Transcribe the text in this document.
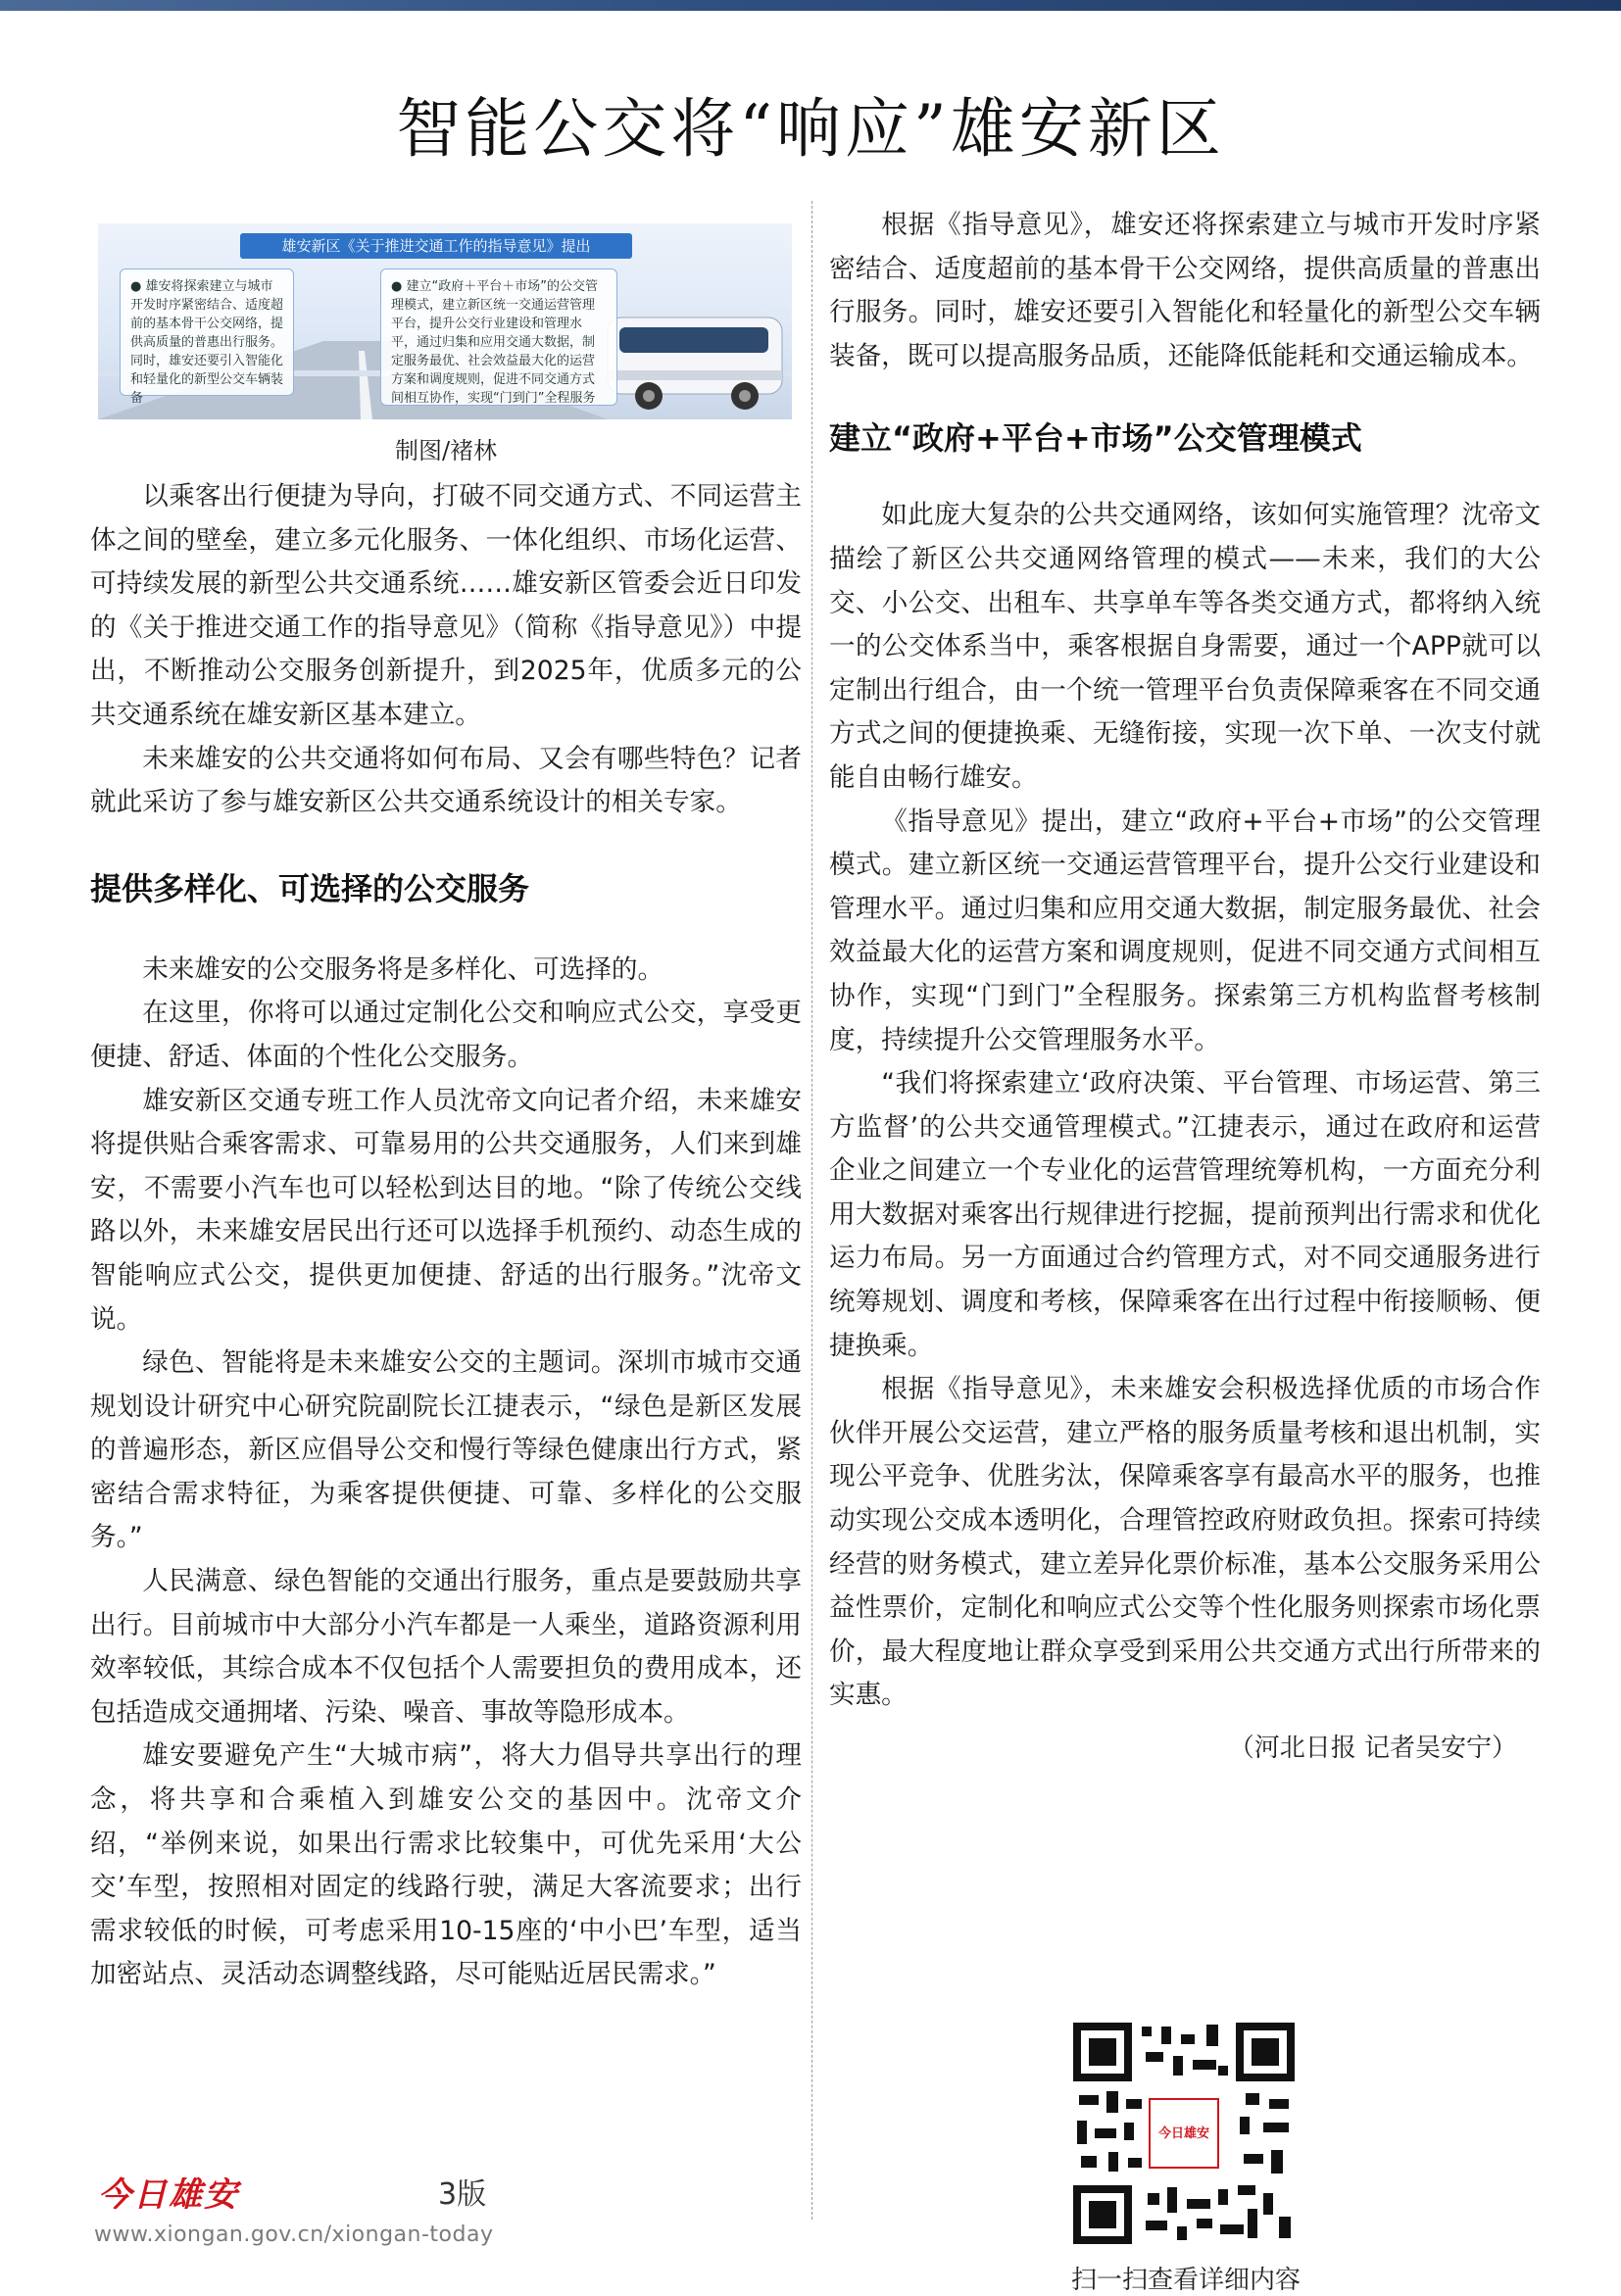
智能公交将“响应”雄安新区
雄安新区《关于推进交通工作的指导意见》提出
● 雄安将探索建立与城市开发时序紧密结合、适度超前的基本骨干公交网络，提供高质量的普惠出行服务。同时，雄安还要引入智能化和轻量化的新型公交车辆装备
● 建立“政府＋平台＋市场”的公交管理模式，建立新区统一交通运营管理平台，提升公交行业建设和管理水平，通过归集和应用交通大数据，制定服务最优、社会效益最大化的运营方案和调度规则，促进不同交通方式间相互协作，实现“门到门”全程服务
制图/褚林

以乘客出行便捷为导向，打破不同交通方式、不同运营主体之间的壁垒，建立多元化服务、一体化组织、市场化运营、可持续发展的新型公共交通系统……雄安新区管委会近日印发的《关于推进交通工作的指导意见》（简称《指导意见》）中提出，不断推动公交服务创新提升，到2025年，优质多元的公共交通系统在雄安新区基本建立。

未来雄安的公共交通将如何布局、又会有哪些特色？记者就此采访了参与雄安新区公共交通系统设计的相关专家。

提供多样化、可选择的公交服务

未来雄安的公交服务将是多样化、可选择的。

在这里，你将可以通过定制化公交和响应式公交，享受更便捷、舒适、体面的个性化公交服务。

雄安新区交通专班工作人员沈帝文向记者介绍，未来雄安将提供贴合乘客需求、可靠易用的公共交通服务，人们来到雄安，不需要小汽车也可以轻松到达目的地。“除了传统公交线路以外，未来雄安居民出行还可以选择手机预约、动态生成的智能响应式公交，提供更加便捷、舒适的出行服务。”沈帝文说。

绿色、智能将是未来雄安公交的主题词。深圳市城市交通规划设计研究中心研究院副院长江捷表示，“绿色是新区发展的普遍形态，新区应倡导公交和慢行等绿色健康出行方式，紧密结合需求特征，为乘客提供便捷、可靠、多样化的公交服务。”

人民满意、绿色智能的交通出行服务，重点是要鼓励共享出行。目前城市中大部分小汽车都是一人乘坐，道路资源利用效率较低，其综合成本不仅包括个人需要担负的费用成本，还包括造成交通拥堵、污染、噪音、事故等隐形成本。

雄安要避免产生“大城市病”，将大力倡导共享出行的理念，将共享和合乘植入到雄安公交的基因中。沈帝文介绍，“举例来说，如果出行需求比较集中，可优先采用‘大公交’车型，按照相对固定的线路行驶，满足大客流要求；出行需求较低的时候，可考虑采用10-15座的‘中小巴’车型，适当加密站点、灵活动态调整线路，尽可能贴近居民需求。”

根据《指导意见》，雄安还将探索建立与城市开发时序紧密结合、适度超前的基本骨干公交网络，提供高质量的普惠出行服务。同时，雄安还要引入智能化和轻量化的新型公交车辆装备，既可以提高服务品质，还能降低能耗和交通运输成本。

建立“政府+平台+市场”公交管理模式

如此庞大复杂的公共交通网络，该如何实施管理？沈帝文描绘了新区公共交通网络管理的模式——未来，我们的大公交、小公交、出租车、共享单车等各类交通方式，都将纳入统一的公交体系当中，乘客根据自身需要，通过一个APP就可以定制出行组合，由一个统一管理平台负责保障乘客在不同交通方式之间的便捷换乘、无缝衔接，实现一次下单、一次支付就能自由畅行雄安。

《指导意见》提出，建立“政府+平台+市场”的公交管理模式。建立新区统一交通运营管理平台，提升公交行业建设和管理水平。通过归集和应用交通大数据，制定服务最优、社会效益最大化的运营方案和调度规则，促进不同交通方式间相互协作，实现“门到门”全程服务。探索第三方机构监督考核制度，持续提升公交管理服务水平。

“我们将探索建立‘政府决策、平台管理、市场运营、第三方监督’的公共交通管理模式。”江捷表示，通过在政府和运营企业之间建立一个专业化的运营管理统筹机构，一方面充分利用大数据对乘客出行规律进行挖掘，提前预判出行需求和优化运力布局。另一方面通过合约管理方式，对不同交通服务进行统筹规划、调度和考核，保障乘客在出行过程中衔接顺畅、便捷换乘。

根据《指导意见》，未来雄安会积极选择优质的市场合作伙伴开展公交运营，建立严格的服务质量考核和退出机制，实现公平竞争、优胜劣汰，保障乘客享有最高水平的服务，也推动实现公交成本透明化，合理管控政府财政负担。探索可持续经营的财务模式，建立差异化票价标准，基本公交服务采用公益性票价，定制化和响应式公交等个性化服务则探索市场化票价，最大程度地让群众享受到采用公共交通方式出行所带来的实惠。

（河北日报 记者吴安宁）
今日雄安
扫一扫查看详细内容
今日雄安	3版
www.xiongan.gov.cn/xiongan-today
